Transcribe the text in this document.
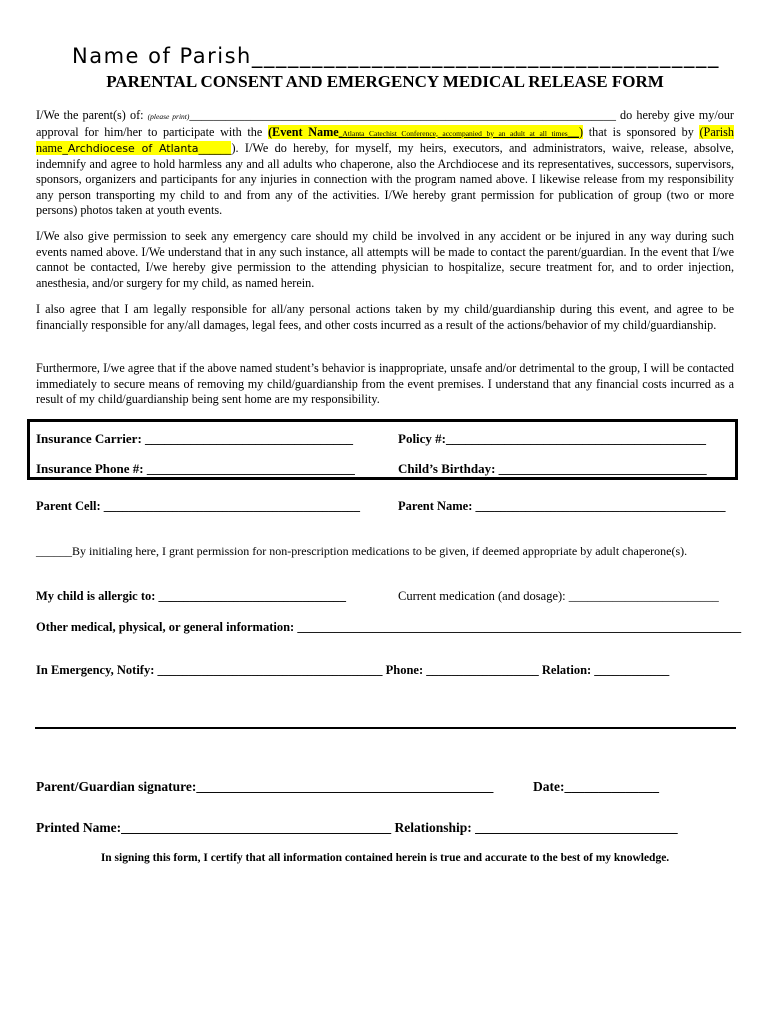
Name of Parish_______________________________________
PARENTAL CONSENT AND EMERGENCY MEDICAL RELEASE FORM

I/We the parent(s) of: (please print)______________________________________________________________________ do hereby give my/our approval for him/her to participate with the (Event Name_Atlanta Catechist Conference, accompanied by an adult at all times___) that is sponsored by (Parish name_Archdiocese of Atlanta______). I/We do hereby, for myself, my heirs, executors, and administrators, waive, release, absolve, indemnify and agree to hold harmless any and all adults who chaperone, also the Archdiocese and its representatives, successors, supervisors, sponsors, organizers and participants for any injuries in connection with the program named above. I likewise release from my responsibility any person transporting my child to and from any of the activities. I/We hereby grant permission for publication of group (two or more persons) photos taken at youth events.

I/We also give permission to seek any emergency care should my child be involved in any accident or be injured in any way during such events named above. I/We understand that in any such instance, all attempts will be made to contact the parent/guardian. In the event that I/we cannot be contacted, I/we hereby give permission to the attending physician to hospitalize, secure treatment for, and to order injection, anesthesia, and/or surgery for my child, as named herein.

I also agree that I am legally responsible for all/any personal actions taken by my child/guardianship during this event, and agree to be financially responsible for any/all damages, legal fees, and other costs incurred as a result of the actions/behavior of my child/guardianship.

Furthermore, I/we agree that if the above named student’s behavior is inappropriate, unsafe and/or detrimental to the group, I will be contacted immediately to secure means of removing my child/guardianship from the event premises. I understand that any financial costs incurred as a result of my child/guardianship being sent home are my responsibility.

Insurance Carrier: ________________________________	Policy #:________________________________________
Insurance Phone #: ________________________________	Child’s Birthday: ________________________________
Parent Cell: _________________________________________	Parent Name: ________________________________________
______By initialing here, I grant permission for non-prescription medications to be given, if deemed appropriate by adult chaperone(s).
My child is allergic to: ______________________________	Current medication (and dosage): ________________________
Other medical, physical, or general information: _______________________________________________________________________
In Emergency, Notify: ____________________________________ Phone: __________________ Relation: ____________
Parent/Guardian signature:____________________________________________	Date:______________
Printed Name:________________________________________ Relationship: ______________________________
In signing this form, I certify that all information contained herein is true and accurate to the best of my knowledge.
